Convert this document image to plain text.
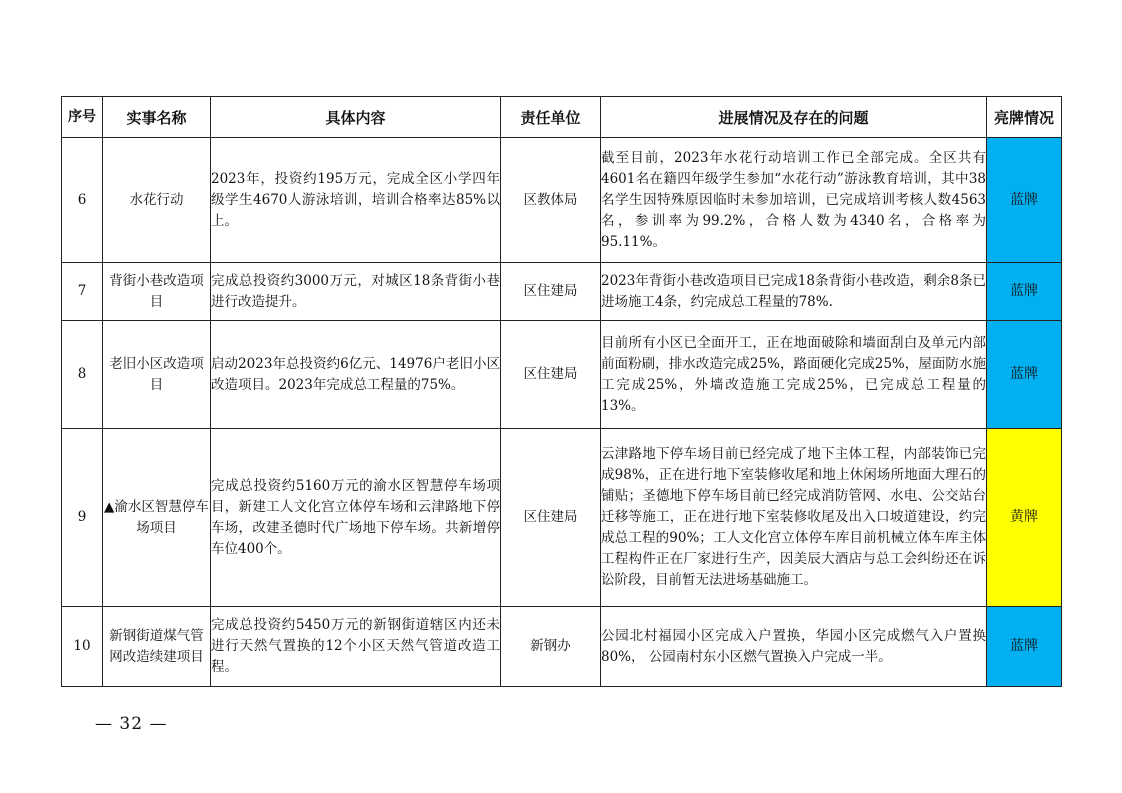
序号	实事名称	具体内容	责任单位	进展情况及存在的问题	亮牌情况
6	水花行动	2023年，投资约195万元，完成全区小学四年级学生4670人游泳培训，培训合格率达85%以上。	区教体局	截至目前，2023年水花行动培训工作已全部完成。全区共有4601名在籍四年级学生参加“水花行动”游泳教育培训，其中38名学生因特殊原因临时未参加培训，已完成培训考核人数4563名，参训率为99.2%，合格人数为4340名，合格率为95.11%。	蓝牌
7	背街小巷改造项目	完成总投资约3000万元，对城区18条背街小巷进行改造提升。	区住建局	2023年背街小巷改造项目已完成18条背街小巷改造，剩余8条已进场施工4条，约完成总工程量的78%.	蓝牌
8	老旧小区改造项目	启动2023年总投资约6亿元、14976户老旧小区改造项目。2023年完成总工程量的75%。	区住建局	目前所有小区已全面开工，正在地面破除和墙面刮白及单元内部前面粉刷，排水改造完成25%，路面硬化完成25%，屋面防水施工完成25%，外墙改造施工完成25%，已完成总工程量的13%。	蓝牌
9	▲渝水区智慧停车场项目	完成总投资约5160万元的渝水区智慧停车场项目，新建工人文化宫立体停车场和云津路地下停车场，改建圣德时代广场地下停车场。共新增停车位400个。	区住建局	云津路地下停车场目前已经完成了地下主体工程，内部装饰已完成98%，正在进行地下室装修收尾和地上休闲场所地面大理石的铺贴；圣德地下停车场目前已经完成消防管网、水电、公交站台迁移等施工，正在进行地下室装修收尾及出入口坡道建设，约完成总工程的90%；工人文化宫立体停车库目前机械立体车库主体工程构件正在厂家进行生产，因美辰大酒店与总工会纠纷还在诉讼阶段，目前暂无法进场基础施工。	黄牌
10	新钢街道煤气管网改造续建项目	完成总投资约5450万元的新钢街道辖区内还未进行天然气置换的12个小区天然气管道改造工程。	新钢办	公园北村福园小区完成入户置换，华园小区完成燃气入户置换80%， 公园南村东小区燃气置换入户完成一半。	蓝牌
— 32 —
